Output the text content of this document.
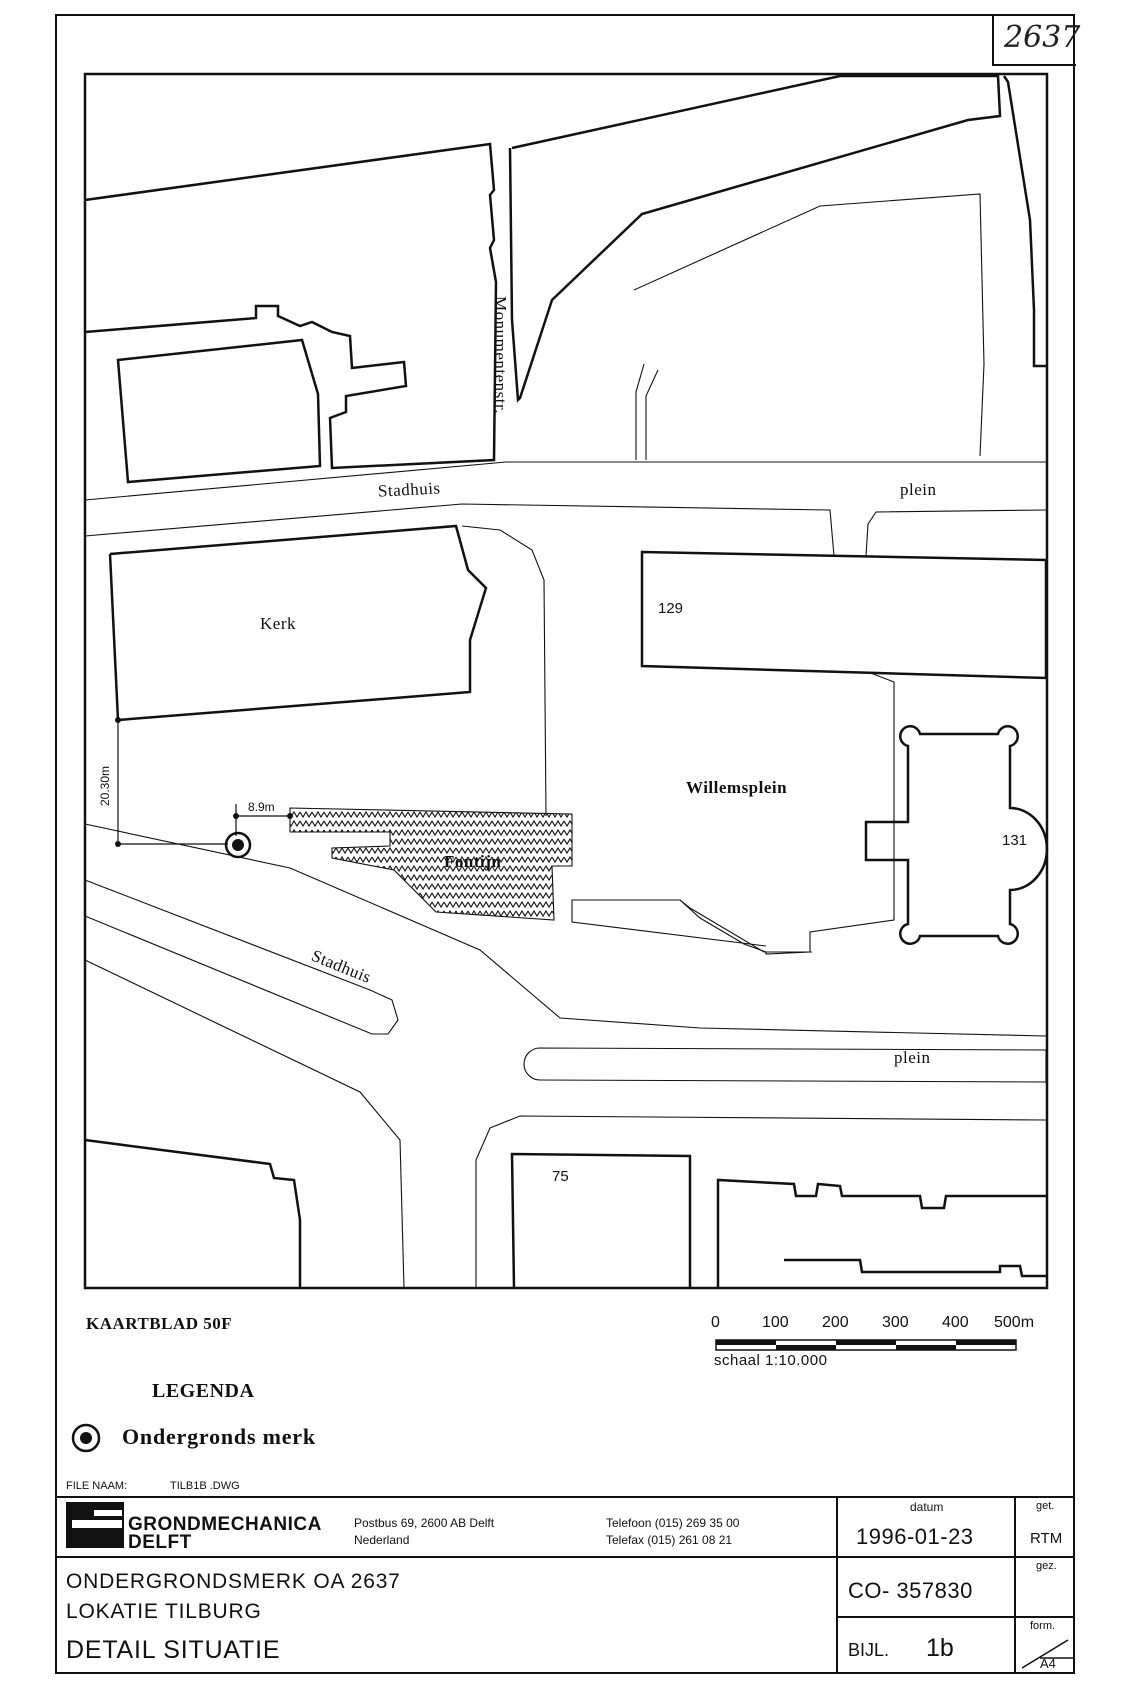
2637
Monumentenstr.
Stadhuis	plein
Kerk
129
Willemsplein
131
Fontijn
Stadhuis
plein
75
20.30m
8.9m
KAARTBLAD 50F	0	100 200 300 400 500m
schaal 1:10.000
LEGENDA
Ondergronds merk
FILE NAAM:	TILB1B .DWG
GRONDMECHANICA
DELFT
Postbus 69, 2600 AB Delft
Nederland
Telefoon (015) 269 35 00
Telefax (015) 261 08 21
datum
1996-01-23
get.
RTM
gez.
ONDERGRONDSMERK OA 2637
LOKATIE TILBURG
DETAIL SITUATIE
CO- 357830
BIJL. 1b
form.
A4
